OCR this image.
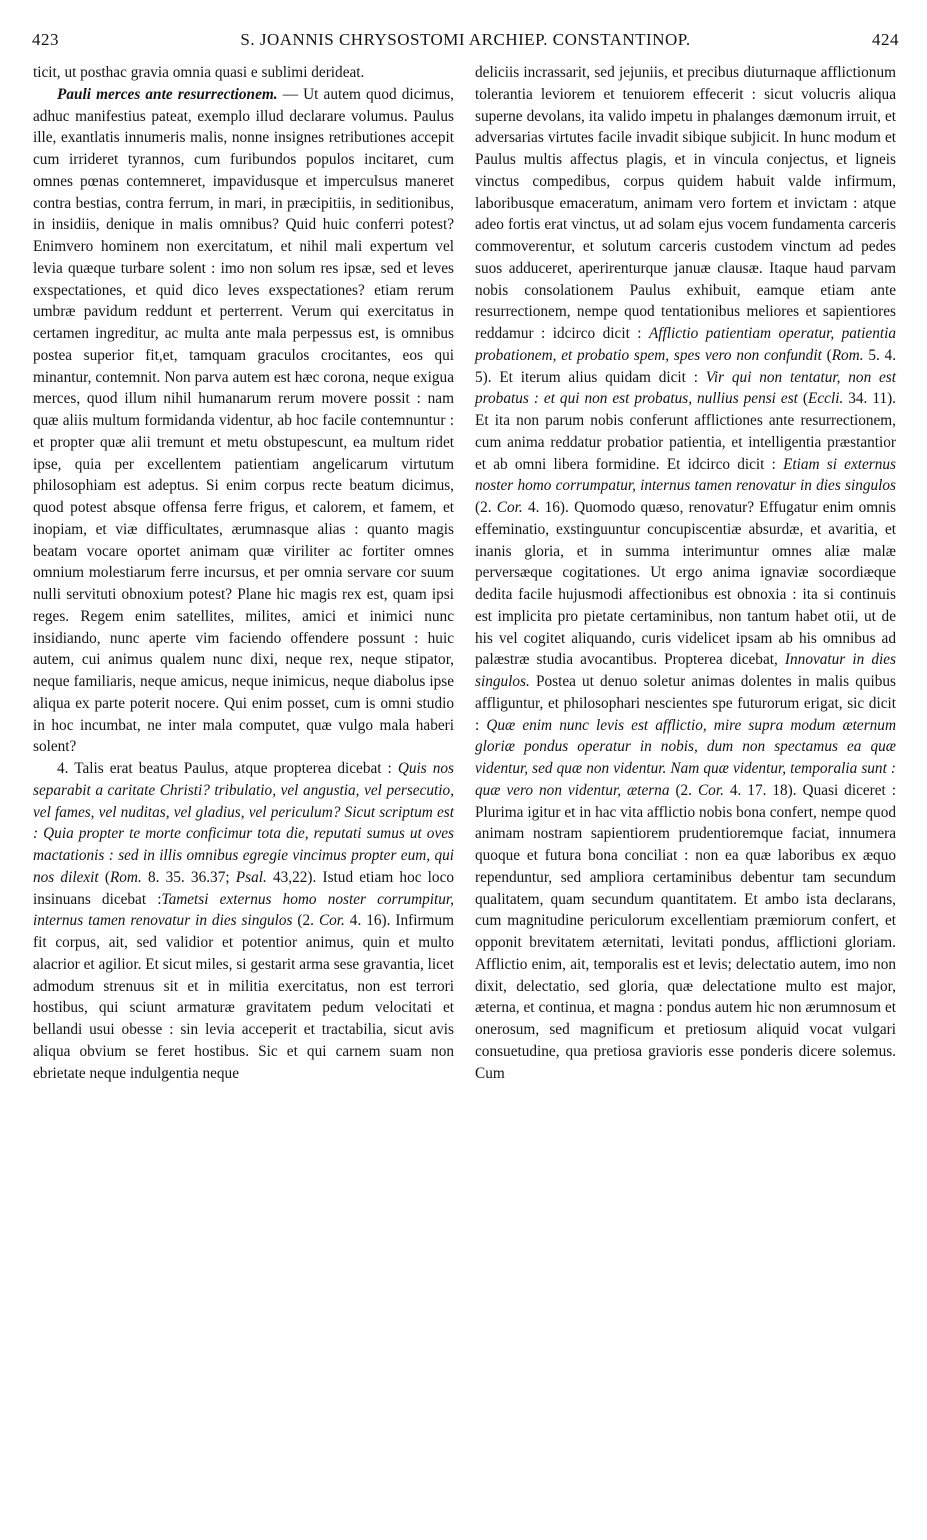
423	S. JOANNIS CHRYSOSTOMI ARCHIEP. CONSTANTINOP.	424

ticit, ut posthac gravia omnia quasi e sublimi derideat.

Pauli merces ante resurrectionem. — Ut autem quod dicimus, adhuc manifestius pateat, exemplo illud declarare volumus. Paulus ille, exantlatis innumeris malis, nonne insignes retributiones accepit cum irrideret tyrannos, cum furibundos populos incitaret, cum omnes pœnas contemneret, impavidusque et imperculsus maneret contra bestias, contra ferrum, in mari, in præcipitiis, in seditionibus, in insidiis, denique in malis omnibus? Quid huic conferri potest? Enimvero hominem non exercitatum, et nihil mali expertum vel levia quæque turbare solent : imo non solum res ipsæ, sed et leves exspectationes, et quid dico leves exspectationes? etiam rerum umbræ pavidum reddunt et perterrent. Verum qui exercitatus in certamen ingreditur, ac multa ante mala perpessus est, is omnibus postea superior fit,et, tamquam graculos crocitantes, eos qui minantur, contemnit. Non parva autem est hæc corona, neque exigua merces, quod illum nihil humanarum rerum movere possit : nam quæ aliis multum formidanda videntur, ab hoc facile contemnuntur : et propter quæ alii tremunt et metu obstupescunt, ea multum ridet ipse, quia per excellentem patientiam angelicarum virtutum philosophiam est adeptus. Si enim corpus recte beatum dicimus, quod potest absque offensa ferre frigus, et calorem, et famem, et inopiam, et viæ difficultates, ærumnasque alias : quanto magis beatam vocare oportet animam quæ viriliter ac fortiter omnes omnium molestiarum ferre incursus, et per omnia servare cor suum nulli servituti obnoxium potest? Plane hic magis rex est, quam ipsi reges. Regem enim satellites, milites, amici et inimici nunc insidiando, nunc aperte vim faciendo offendere possunt : huic autem, cui animus qualem nunc dixi, neque rex, neque stipator, neque familiaris, neque amicus, neque inimicus, neque diabolus ipse aliqua ex parte poterit nocere. Qui enim posset, cum is omni studio in hoc incumbat, ne inter mala computet, quæ vulgo mala haberi solent?

4. Talis erat beatus Paulus, atque propterea dicebat : Quis nos separabit a caritate Christi? tribulatio, vel angustia, vel persecutio, vel fames, vel nuditas, vel gladius, vel periculum? Sicut scriptum est : Quia propter te morte conficimur tota die, reputati sumus ut oves mactationis : sed in illis omnibus egregie vincimus propter eum, qui nos dilexit (Rom. 8. 35. 36.37; Psal. 43,22). Istud etiam hoc loco insinuans dicebat :Tametsi externus homo noster corrumpitur, internus tamen renovatur in dies singulos (2. Cor. 4. 16). Infirmum fit corpus, ait, sed validior et potentior animus, quin et multo alacrior et agilior. Et sicut miles, si gestarit arma sese gravantia, licet admodum strenuus sit et in militia exercitatus, non est terrori hostibus, qui sciunt armaturæ gravitatem pedum velocitati et bellandi usui obesse : sin levia acceperit et tractabilia, sicut avis aliqua obvium se feret hostibus. Sic et qui carnem suam non ebrietate neque indulgentia neque

deliciis incrassarit, sed jejuniis, et precibus diuturnaque afflictionum tolerantia leviorem et tenuiorem effecerit : sicut volucris aliqua superne devolans, ita valido impetu in phalanges dæmonum irruit, et adversarias virtutes facile invadit sibique subjicit. In hunc modum et Paulus multis affectus plagis, et in vincula conjectus, et ligneis vinctus compedibus, corpus quidem habuit valde infirmum, laboribusque emaceratum, animam vero fortem et invictam : atque adeo fortis erat vinctus, ut ad solam ejus vocem fundamenta carceris commoverentur, et solutum carceris custodem vinctum ad pedes suos adduceret, aperirenturque januæ clausæ. Itaque haud parvam nobis consolationem Paulus exhibuit, eamque etiam ante resurrectionem, nempe quod tentationibus meliores et sapientiores reddamur : idcirco dicit : Afflictio patientiam operatur, patientia probationem, et probatio spem, spes vero non confundit (Rom. 5. 4. 5). Et iterum alius quidam dicit : Vir qui non tentatur, non est probatus : et qui non est probatus, nullius pensi est (Eccli. 34. 11). Et ita non parum nobis conferunt afflictiones ante resurrectionem, cum anima reddatur probatior patientia, et intelligentia præstantior et ab omni libera formidine. Et idcirco dicit : Etiam si externus noster homo corrumpatur, internus tamen renovatur in dies singulos (2. Cor. 4. 16). Quomodo quæso, renovatur? Effugatur enim omnis effeminatio, exstinguuntur concupiscentiæ absurdæ, et avaritia, et inanis gloria, et in summa interimuntur omnes aliæ malæ perversæque cogitationes. Ut ergo anima ignaviæ socordiæque dedita facile hujusmodi affectionibus est obnoxia : ita si continuis est implicita pro pietate certaminibus, non tantum habet otii, ut de his vel cogitet aliquando, curis videlicet ipsam ab his omnibus ad palæstræ studia avocantibus. Propterea dicebat, Innovatur in dies singulos. Postea ut denuo soletur animas dolentes in malis quibus affliguntur, et philosophari nescientes spe futurorum erigat, sic dicit : Quæ enim nunc levis est afflictio, mire supra modum æternum gloriæ pondus operatur in nobis, dum non spectamus ea quæ videntur, sed quæ non videntur. Nam quæ videntur, temporalia sunt : quæ vero non videntur, æterna (2. Cor. 4. 17. 18). Quasi diceret : Plurima igitur et in hac vita afflictio nobis bona confert, nempe quod animam nostram sapientiorem prudentioremque faciat, innumera quoque et futura bona conciliat : non ea quæ laboribus ex æquo rependuntur, sed ampliora certaminibus debentur tam secundum qualitatem, quam secundum quantitatem. Et ambo ista declarans, cum magnitudine periculorum excellentiam præmiorum confert, et opponit brevitatem æternitati, levitati pondus, afflictioni gloriam. Afflictio enim, ait, temporalis est et levis; delectatio autem, imo non dixit, delectatio, sed gloria, quæ delectatione multo est major, æterna, et continua, et magna : pondus autem hic non ærumnosum et onerosum, sed magnificum et pretiosum aliquid vocat vulgari consuetudine, qua pretiosa gravioris esse ponderis dicere solemus. Cum
